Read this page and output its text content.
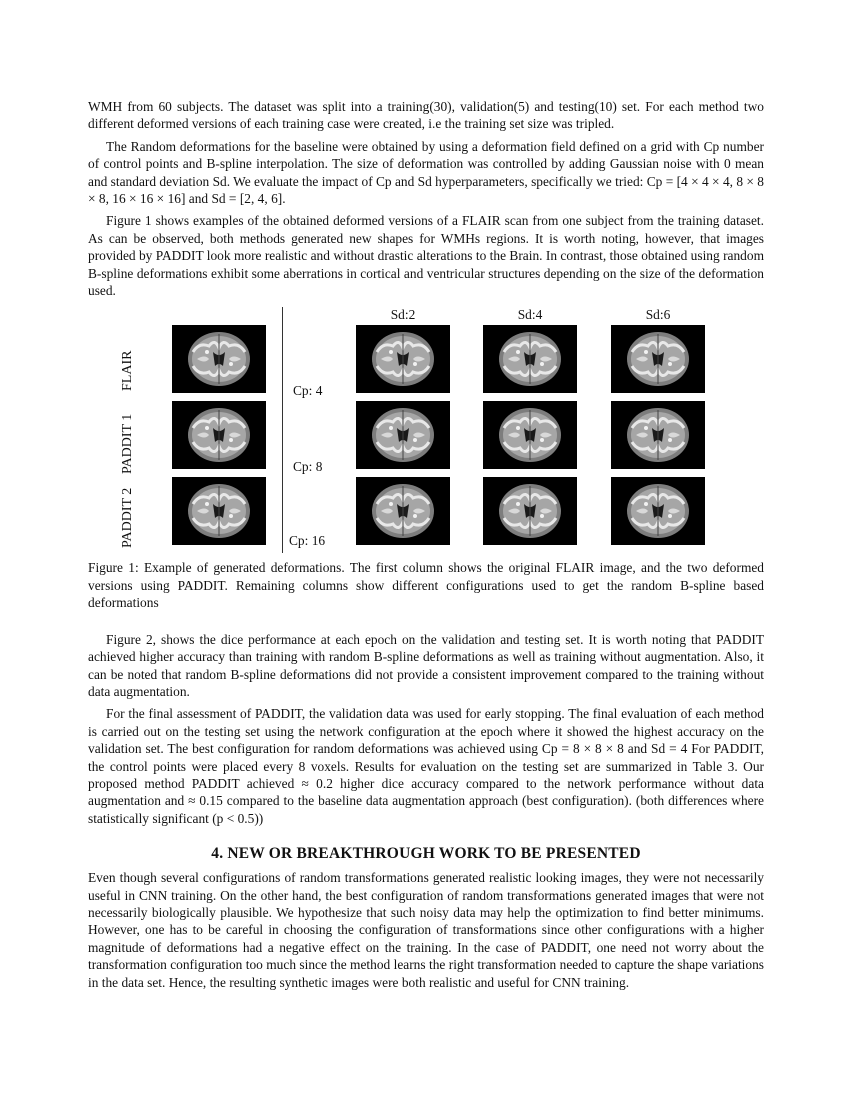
WMH from 60 subjects. The dataset was split into a training(30), validation(5) and testing(10) set. For each method two different deformed versions of each training case were created, i.e the training set size was tripled.

The Random deformations for the baseline were obtained by using a deformation field defined on a grid with Cp number of control points and B-spline interpolation. The size of deformation was controlled by adding Gaussian noise with 0 mean and standard deviation Sd. We evaluate the impact of Cp and Sd hyperparameters, specifically we tried: Cp = [4 × 4 × 4, 8 × 8 × 8, 16 × 16 × 16] and Sd = [2, 4, 6].

Figure 1 shows examples of the obtained deformed versions of a FLAIR scan from one subject from the training dataset. As can be observed, both methods generated new shapes for WMHs regions. It is worth noting, however, that images provided by PADDIT look more realistic and without drastic alterations to the Brain. In contrast, those obtained using random B-spline deformations exhibit some aberrations in cortical and ventricular structures depending on the size of the deformation used.

FLAIR
PADDIT 1
PADDIT 2
Sd:2	Sd:4	Sd:6
Cp: 4
Cp: 8
Cp: 16

Figure 1: Example of generated deformations. The first column shows the original FLAIR image, and the two deformed versions using PADDIT. Remaining columns show different configurations used to get the random B-spline based deformations

Figure 2, shows the dice performance at each epoch on the validation and testing set. It is worth noting that PADDIT achieved higher accuracy than training with random B-spline deformations as well as training without augmentation. Also, it can be noted that random B-spline deformations did not provide a consistent improvement compared to the training without data augmentation.

For the final assessment of PADDIT, the validation data was used for early stopping. The final evaluation of each method is carried out on the testing set using the network configuration at the epoch where it showed the highest accuracy on the validation set. The best configuration for random deformations was achieved using Cp = 8 × 8 × 8 and Sd = 4 For PADDIT, the control points were placed every 8 voxels. Results for evaluation on the testing set are summarized in Table 3. Our proposed method PADDIT achieved ≈ 0.2 higher dice accuracy compared to the network performance without data augmentation and ≈ 0.15 compared to the baseline data augmentation approach (best configuration). (both differences where statistically significant (p < 0.5))

4. NEW OR BREAKTHROUGH WORK TO BE PRESENTED

Even though several configurations of random transformations generated realistic looking images, they were not necessarily useful in CNN training. On the other hand, the best configuration of random transformations generated images that were not necessarily biologically plausible. We hypothesize that such noisy data may help the optimization to find better minimums. However, one has to be careful in choosing the configuration of transformations since other configurations with a higher magnitude of deformations had a negative effect on the training. In the case of PADDIT, one need not worry about the transformation configuration too much since the method learns the right transformation needed to capture the shape variations in the data set. Hence, the resulting synthetic images were both realistic and useful for CNN training.
